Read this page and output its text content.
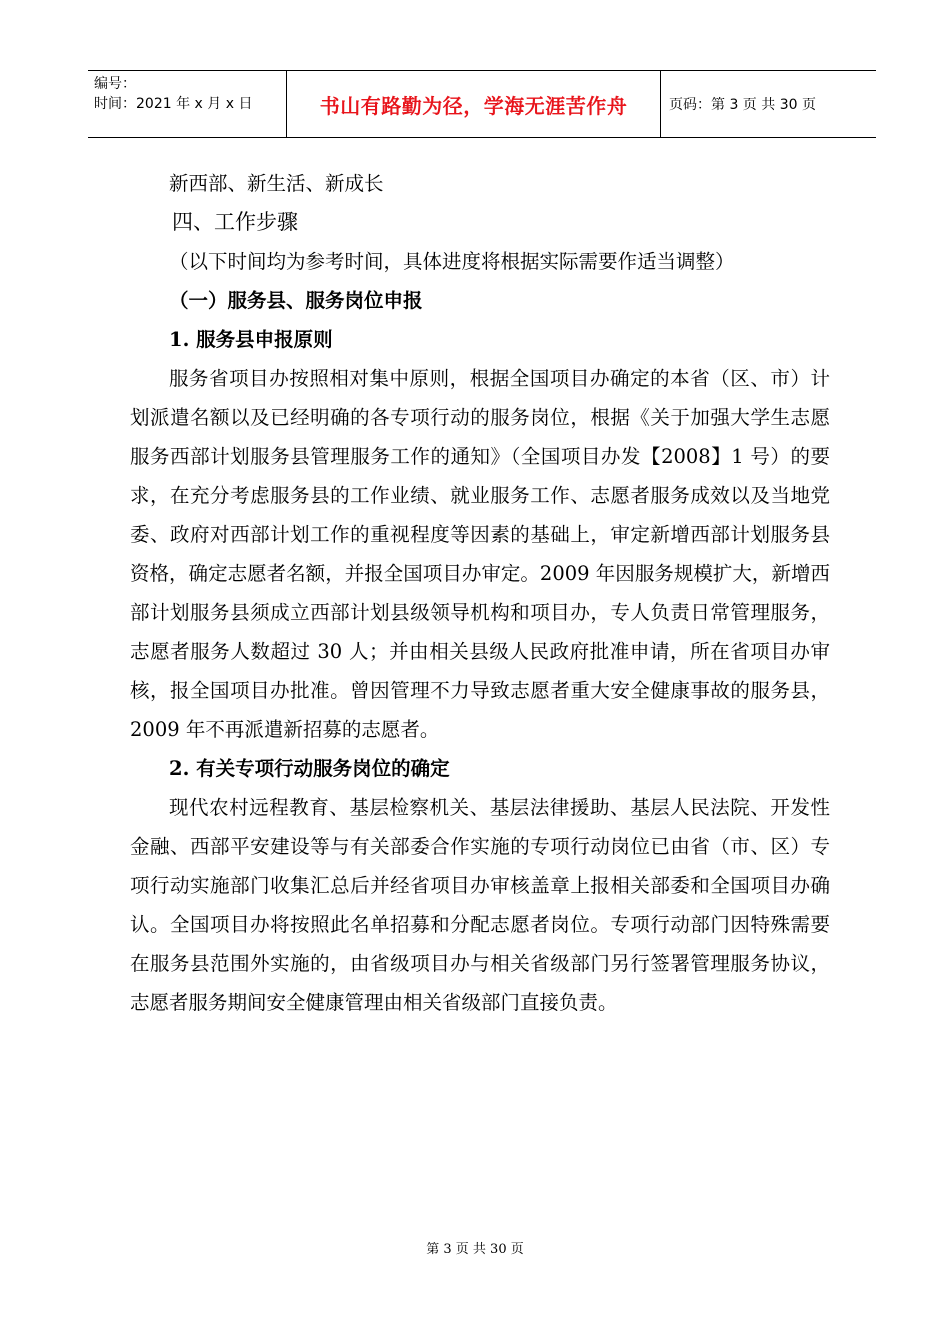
编号：
时间：2021 年 x 月 x 日	书山有路勤为径，学海无涯苦作舟	页码：第 3 页 共 30 页

新西部、新生活、新成长

四、工作步骤

（以下时间均为参考时间，具体进度将根据实际需要作适当调整）

（一）服务县、服务岗位申报

1. 服务县申报原则

服务省项目办按照相对集中原则，根据全国项目办确定的本省（区、市）计划派遣名额以及已经明确的各专项行动的服务岗位，根据《关于加强大学生志愿服务西部计划服务县管理服务工作的通知》（全国项目办发【2008】1 号）的要求，在充分考虑服务县的工作业绩、就业服务工作、志愿者服务成效以及当地党委、政府对西部计划工作的重视程度等因素的基础上，审定新增西部计划服务县资格，确定志愿者名额，并报全国项目办审定。2009 年因服务规模扩大，新增西部计划服务县须成立西部计划县级领导机构和项目办，专人负责日常管理服务，志愿者服务人数超过 30 人；并由相关县级人民政府批准申请，所在省项目办审核，报全国项目办批准。曾因管理不力导致志愿者重大安全健康事故的服务县，2009 年不再派遣新招募的志愿者。

2. 有关专项行动服务岗位的确定

现代农村远程教育、基层检察机关、基层法律援助、基层人民法院、开发性金融、西部平安建设等与有关部委合作实施的专项行动岗位已由省（市、区）专项行动实施部门收集汇总后并经省项目办审核盖章上报相关部委和全国项目办确认。全国项目办将按照此名单招募和分配志愿者岗位。专项行动部门因特殊需要在服务县范围外实施的，由省级项目办与相关省级部门另行签署管理服务协议，志愿者服务期间安全健康管理由相关省级部门直接负责。

第 3 页 共 30 页
